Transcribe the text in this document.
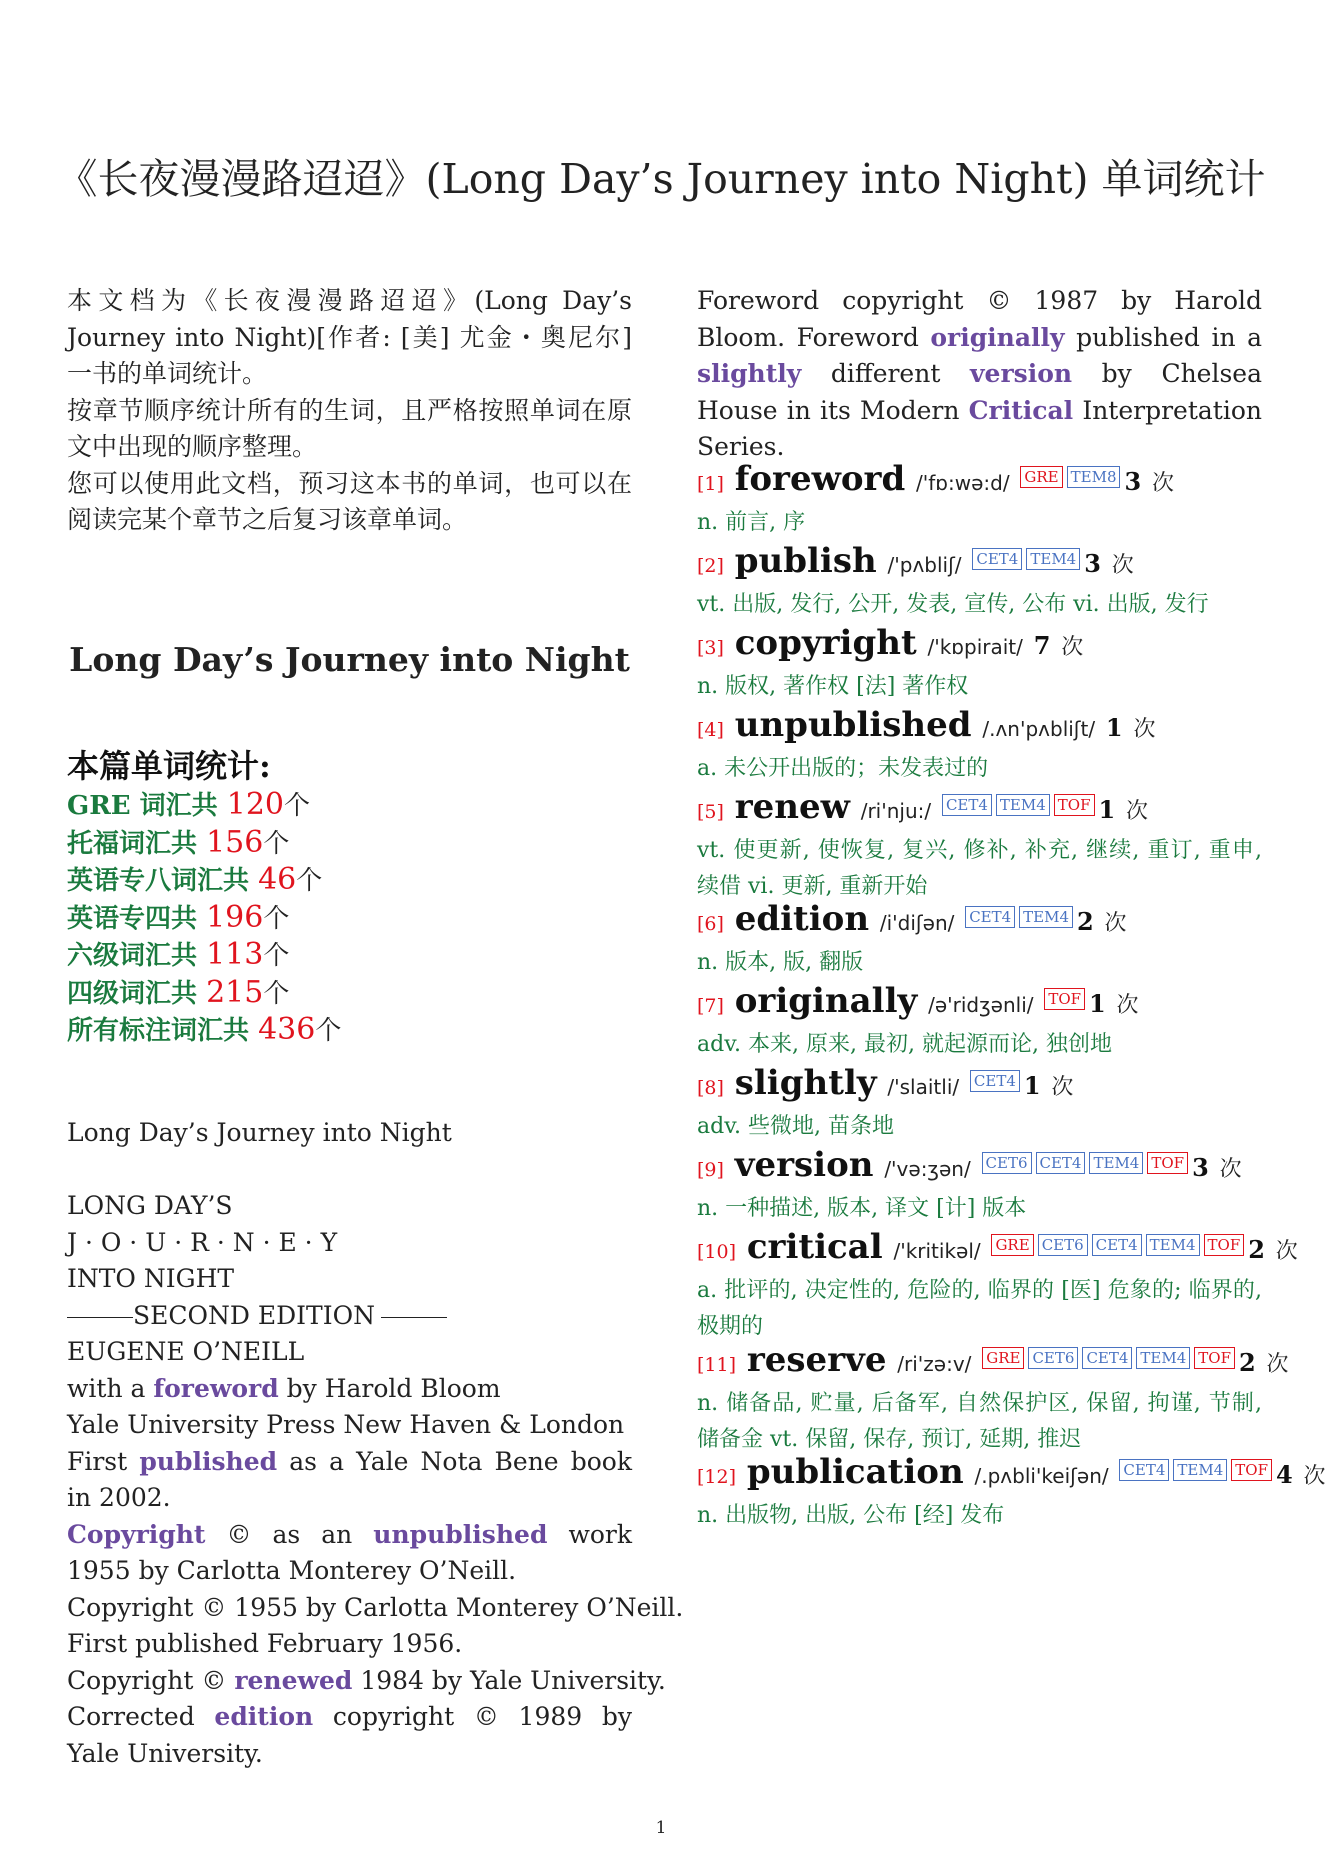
《长夜漫漫路迢迢》(Long Day’s Journey into Night) 单词统计

本文档为《长夜漫漫路迢迢》(Long Day’s Journey into Night)[作者: [美] 尤金・奥尼尔] 一书的单词统计。

按章节顺序统计所有的生词，且严格按照单词在原文中出现的顺序整理。

您可以使用此文档，预习这本书的单词，也可以在阅读完某个章节之后复习该章单词。

Long Day’s Journey into Night
本篇单词统计:
GRE 词汇共 120个
托福词汇共 156个
英语专八词汇共 46个
英语专四共 196个
六级词汇共 113个
四级词汇共 215个
所有标注词汇共 436个
Long Day’s Journey into Night
LONG DAY’S
J · O · U · R · N · E · Y
INTO NIGHT
SECOND EDITION
EUGENE O’NEILL
with a foreword by Harold Bloom
Yale University Press New Haven & London
First published as a Yale Nota Bene book in 2002.
Copyright © as an unpublished work 1955 by Carlotta Monterey O’Neill.
Copyright © 1955 by Carlotta Monterey O’Neill.
First published February 1956.
Copyright © renewed 1984 by Yale University.
Corrected edition copyright © 1989 by Yale University.

Foreword copyright © 1987 by Harold Bloom. Foreword originally published in a slightly different version by Chelsea House in its Modern Critical Interpretation Series.

[1] foreword /'fɒ:wə:d/ GRE TEM8 3 次
n. 前言, 序
[2] publish /'pʌbliʃ/ CET4 TEM4 3 次
vt. 出版, 发行, 公开, 发表, 宣传, 公布 vi. 出版, 发行
[3] copyright /'kɒpirait/ 7 次
n. 版权, 著作权 [法] 著作权
[4] unpublished /.ʌn'pʌbliʃt/ 1 次
a. 未公开出版的；未发表过的
[5] renew /ri'nju:/ CET4 TEM4 TOF 1 次
vt. 使更新, 使恢复, 复兴, 修补, 补充, 继续, 重订, 重申, 续借 vi. 更新, 重新开始
[6] edition /i'diʃən/ CET4 TEM4 2 次
n. 版本, 版, 翻版
[7] originally /ə'ridʒənli/ TOF 1 次
adv. 本来, 原来, 最初, 就起源而论, 独创地
[8] slightly /'slaitli/ CET4 1 次
adv. 些微地, 苗条地
[9] version /'və:ʒən/ CET6 CET4 TEM4 TOF 3 次
n. 一种描述, 版本, 译文 [计] 版本
[10] critical /'kritikəl/ GRE CET6 CET4 TEM4 TOF 2 次
a. 批评的, 决定性的, 危险的, 临界的 [医] 危象的; 临界的, 极期的
[11] reserve /ri'zə:v/ GRE CET6 CET4 TEM4 TOF 2 次
n. 储备品, 贮量, 后备军, 自然保护区, 保留, 拘谨, 节制, 储备金 vt. 保留, 保存, 预订, 延期, 推迟
[12] publication /.pʌbli'keiʃən/ CET4 TEM4 TOF 4 次
n. 出版物, 出版, 公布 [经] 发布
1
